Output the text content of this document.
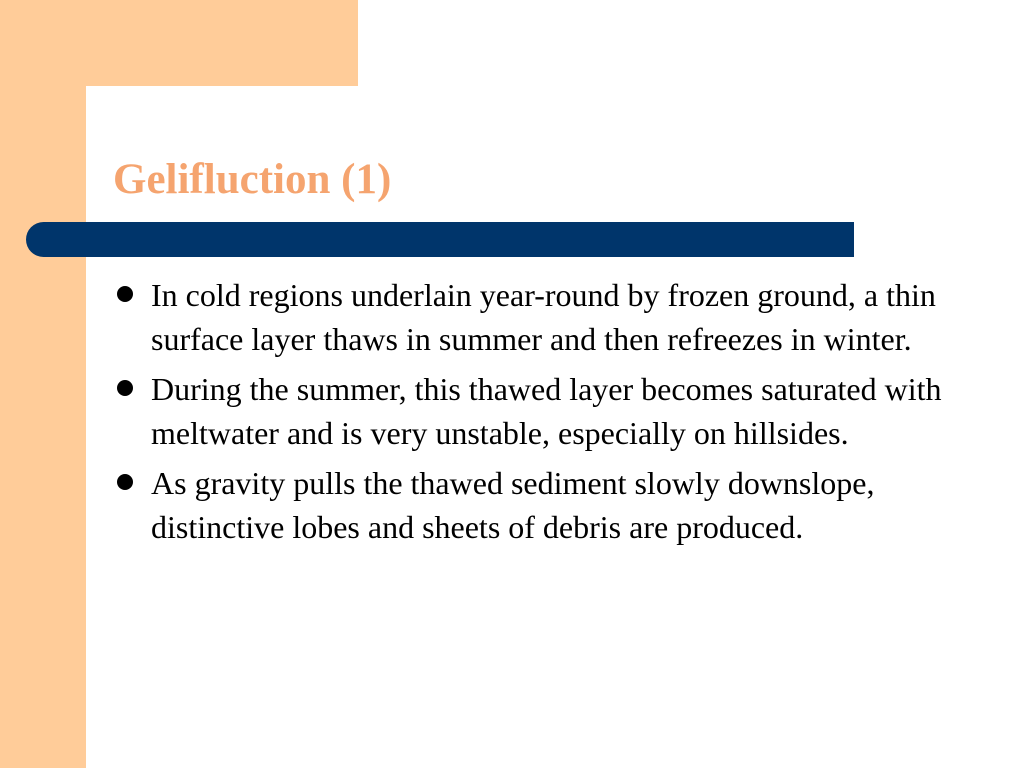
Gelifluction (1)
In cold regions underlain year-round by frozen ground, a thin surface layer thaws in summer and then refreezes in winter.
During the summer, this thawed layer becomes saturated with meltwater and is very unstable, especially on hillsides.
As gravity pulls the thawed sediment slowly downslope, distinctive lobes and sheets of debris are produced.
